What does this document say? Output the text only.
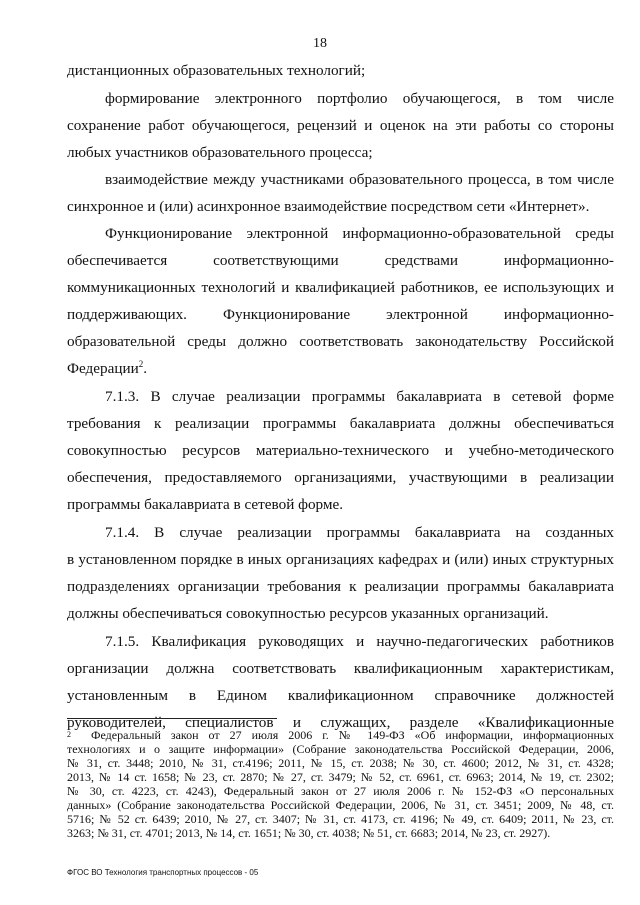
18
дистанционных образовательных технологий;
формирование электронного портфолио обучающегося, в том числе
сохранение работ обучающегося, рецензий и оценок на эти работы со стороны
любых участников образовательного процесса;
взаимодействие между участниками образовательного процесса, в том числе
синхронное и (или) асинхронное взаимодействие посредством сети «Интернет».
Функционирование электронной информационно-образовательной среды
обеспечивается соответствующими средствами информационно-
коммуникационных технологий и квалификацией работников, ее использующих и
поддерживающих. Функционирование электронной информационно-
образовательной среды должно соответствовать законодательству Российской
Федерации$^2$.
7.1.3. В случае реализации программы бакалавриата в сетевой форме
требования к реализации программы бакалавриата должны обеспечиваться
совокупностью ресурсов материально-технического и учебно-методического
обеспечения, предоставляемого организациями, участвующими в реализации
программы бакалавриата в сетевой форме.
7.1.4. В случае реализации программы бакалавриата на созданных
в установленном порядке в иных организациях кафедрах и (или) иных структурных
подразделениях организации требования к реализации программы бакалавриата
должны обеспечиваться совокупностью ресурсов указанных организаций.
7.1.5. Квалификация руководящих и научно-педагогических работников
организации должна соответствовать квалификационным характеристикам,
установленным в Едином квалификационном справочнике должностей
руководителей, специалистов и служащих, разделе «Квалификационные
$^2$ Федеральный закон от 27 июля 2006 г. № 149-ФЗ «Об информации, информационных
технологиях и о защите информации» (Собрание законодательства Российской Федерации, 2006,
№ 31, ст. 3448; 2010, № 31, ст.4196; 2011, № 15, ст. 2038; № 30, ст. 4600; 2012, № 31, ст. 4328;
2013, № 14 ст. 1658; № 23, ст. 2870; № 27, ст. 3479; № 52, ст. 6961, ст. 6963; 2014, № 19, ст. 2302;
№ 30, ст. 4223, ст. 4243), Федеральный закон от 27 июля 2006 г. № 152-ФЗ «О персональных
данных» (Собрание законодательства Российской Федерации, 2006, № 31, ст. 3451; 2009, № 48, ст.
5716; № 52 ст. 6439; 2010, № 27, ст. 3407; № 31, ст. 4173, ст. 4196; № 49, ст. 6409; 2011, № 23, ст.
3263; № 31, ст. 4701; 2013, № 14, ст. 1651; № 30, ст. 4038; № 51, ст. 6683; 2014, № 23, ст. 2927).
ФГОС ВО Технология транспортных процессов - 05
